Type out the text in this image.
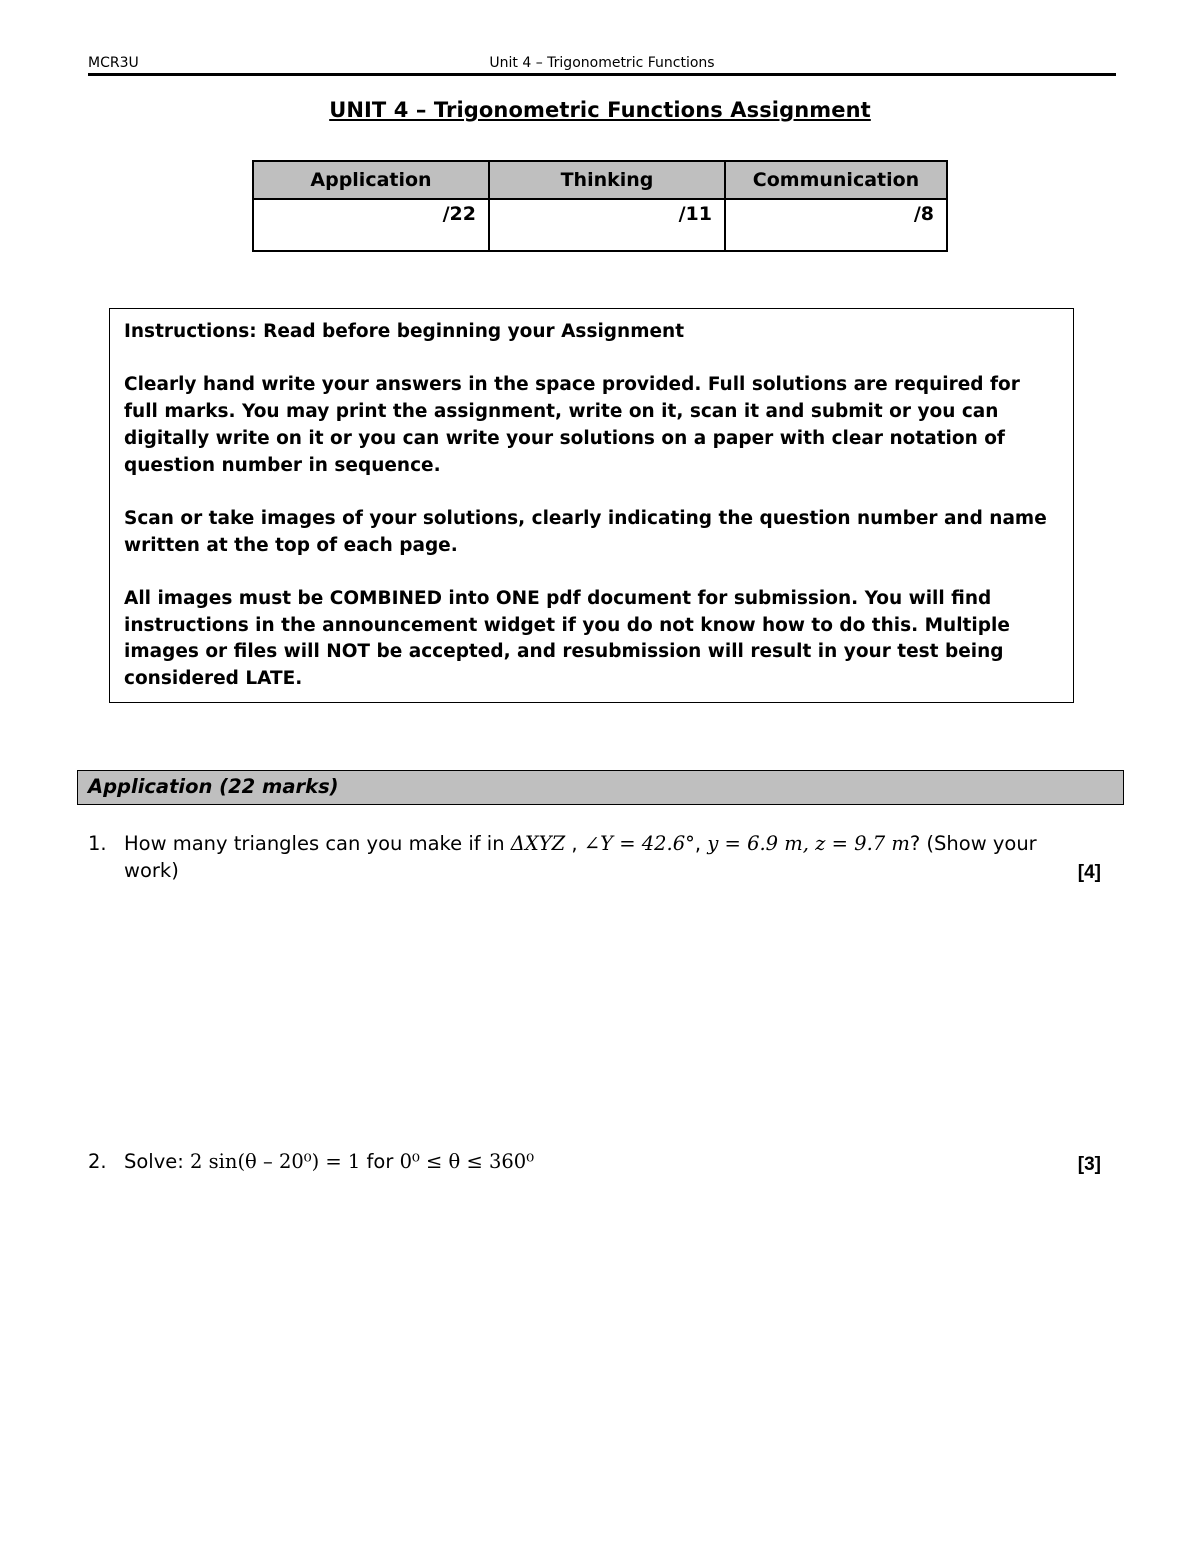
MCR3U	Unit 4 – Trigonometric Functions
UNIT 4 – Trigonometric Functions Assignment
Application	Thinking	Communication
/22	/11	/8

Instructions: Read before beginning your Assignment

Clearly hand write your answers in the space provided. Full solutions are required for full marks. You may print the assignment, write on it, scan it and submit or you can digitally write on it or you can write your solutions on a paper with clear notation of question number in sequence.

Scan or take images of your solutions, clearly indicating the question number and name written at the top of each page.

All images must be COMBINED into ONE pdf document for submission. You will find instructions in the announcement widget if you do not know how to do this. Multiple images or files will NOT be accepted, and resubmission will result in your test being considered LATE.

Application (22 marks)
1. How many triangles can you make if in ΔXYZ , ∠Y = 42.6°, y = 6.9 m, z = 9.7 m? (Show your work)	[4]
2. Solve: 2 sin(θ – 20⁰) = 1 for 0⁰ ≤ θ ≤ 360⁰	[3]
